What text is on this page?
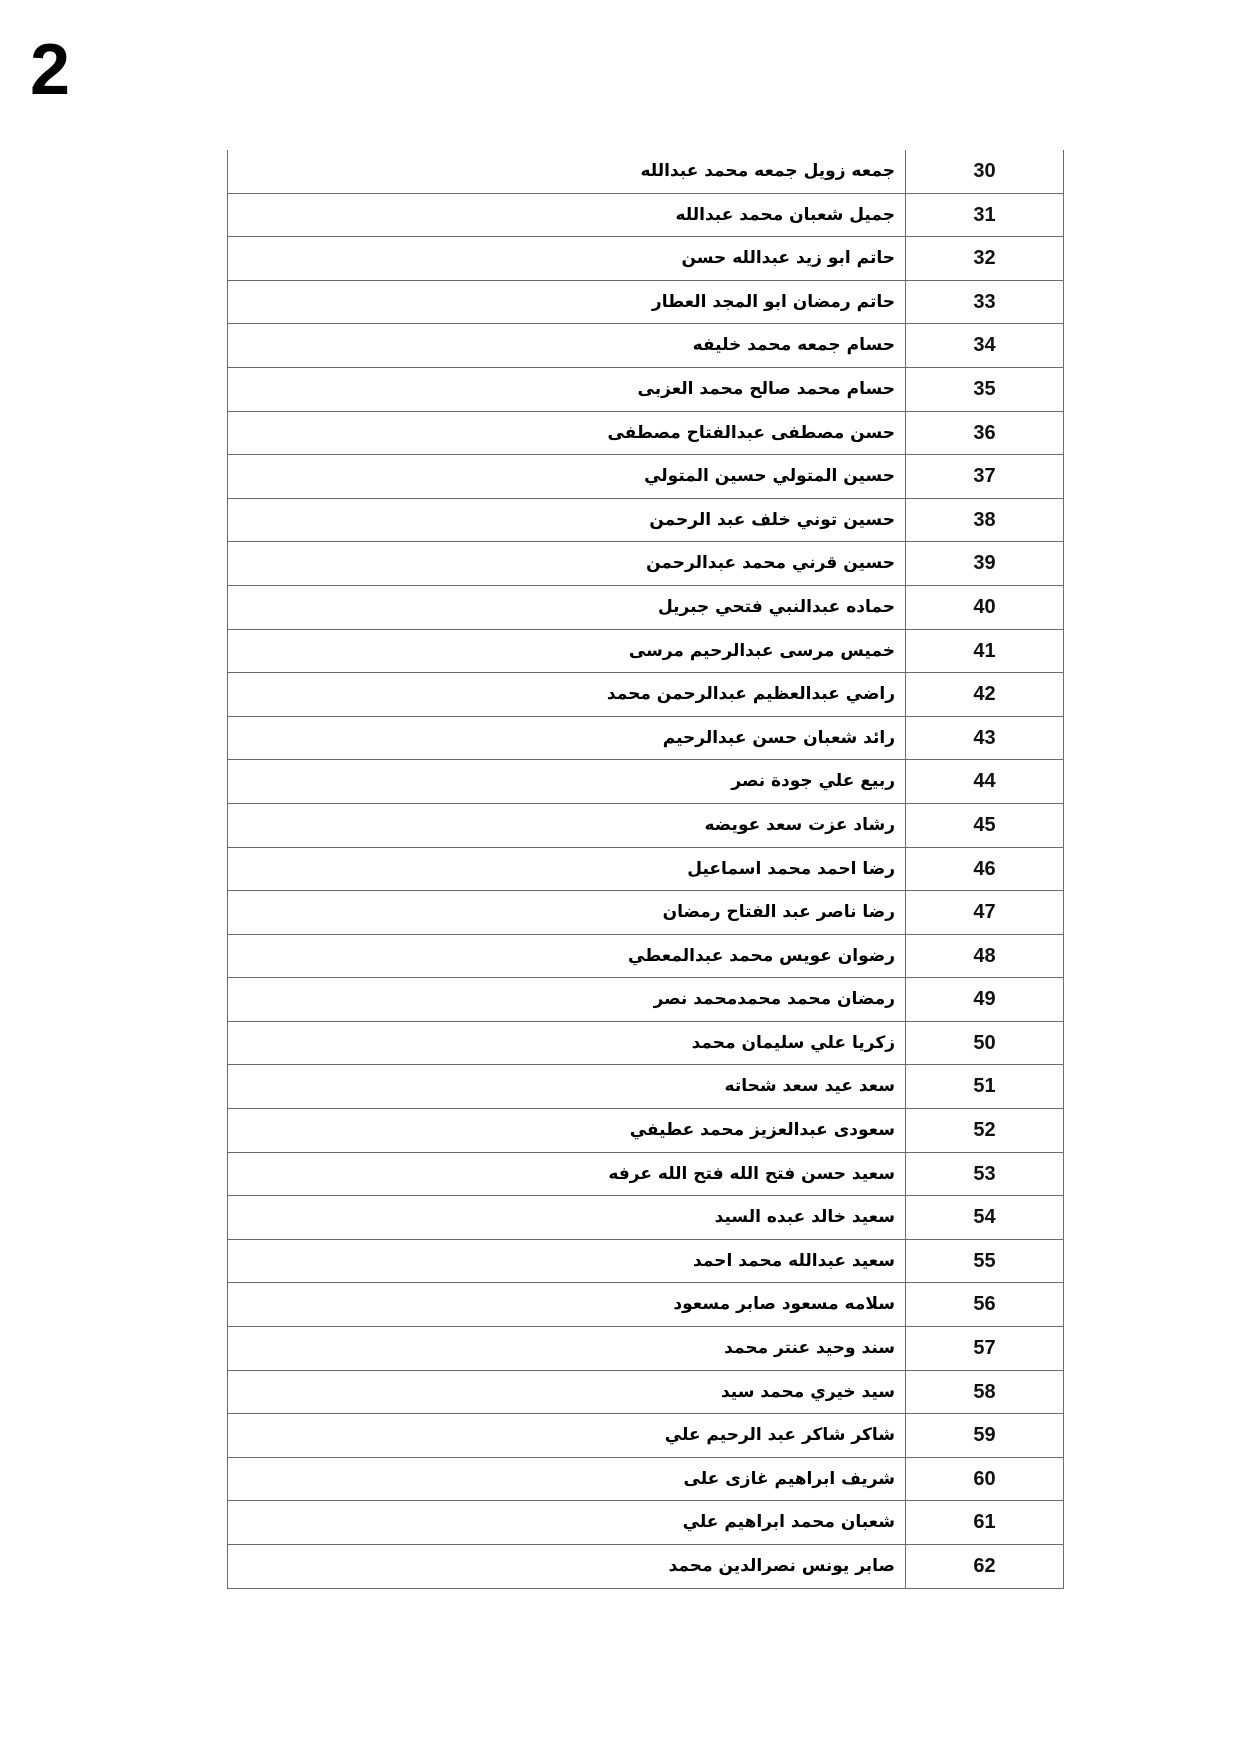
2
جمعه زويل جمعه محمد عبدالله	30
جميل شعبان محمد عبدالله	31
حاتم ابو زيد عبدالله حسن	32
حاتم رمضان ابو المجد العطار	33
حسام جمعه محمد خليفه	34
حسام محمد صالح محمد العزبى	35
حسن مصطفى عبدالفتاح مصطفى	36
حسين المتولي حسين المتولي	37
حسين توني خلف عبد الرحمن	38
حسين قرني محمد عبدالرحمن	39
حماده عبدالنبي فتحي جبريل	40
خميس مرسى عبدالرحيم مرسى	41
راضي عبدالعظيم عبدالرحمن محمد	42
رائد شعبان حسن عبدالرحيم	43
ربيع علي جودة نصر	44
رشاد عزت سعد عويضه	45
رضا احمد محمد اسماعيل	46
رضا ناصر عبد الفتاح رمضان	47
رضوان عويس محمد عبدالمعطي	48
رمضان محمد محمدمحمد نصر	49
زكريا علي سليمان محمد	50
سعد عيد سعد شحاته	51
سعودى عبدالعزيز محمد عطيفي	52
سعيد حسن فتح الله فتح الله عرفه	53
سعيد خالد عبده السيد	54
سعيد عبدالله محمد احمد	55
سلامه مسعود صابر مسعود	56
سند وحيد عنتر محمد	57
سيد خيري محمد سيد	58
شاكر شاكر عبد الرحيم علي	59
شريف ابراهيم غازى على	60
شعبان محمد ابراهيم علي	61
صابر يونس نصرالدين محمد	62
